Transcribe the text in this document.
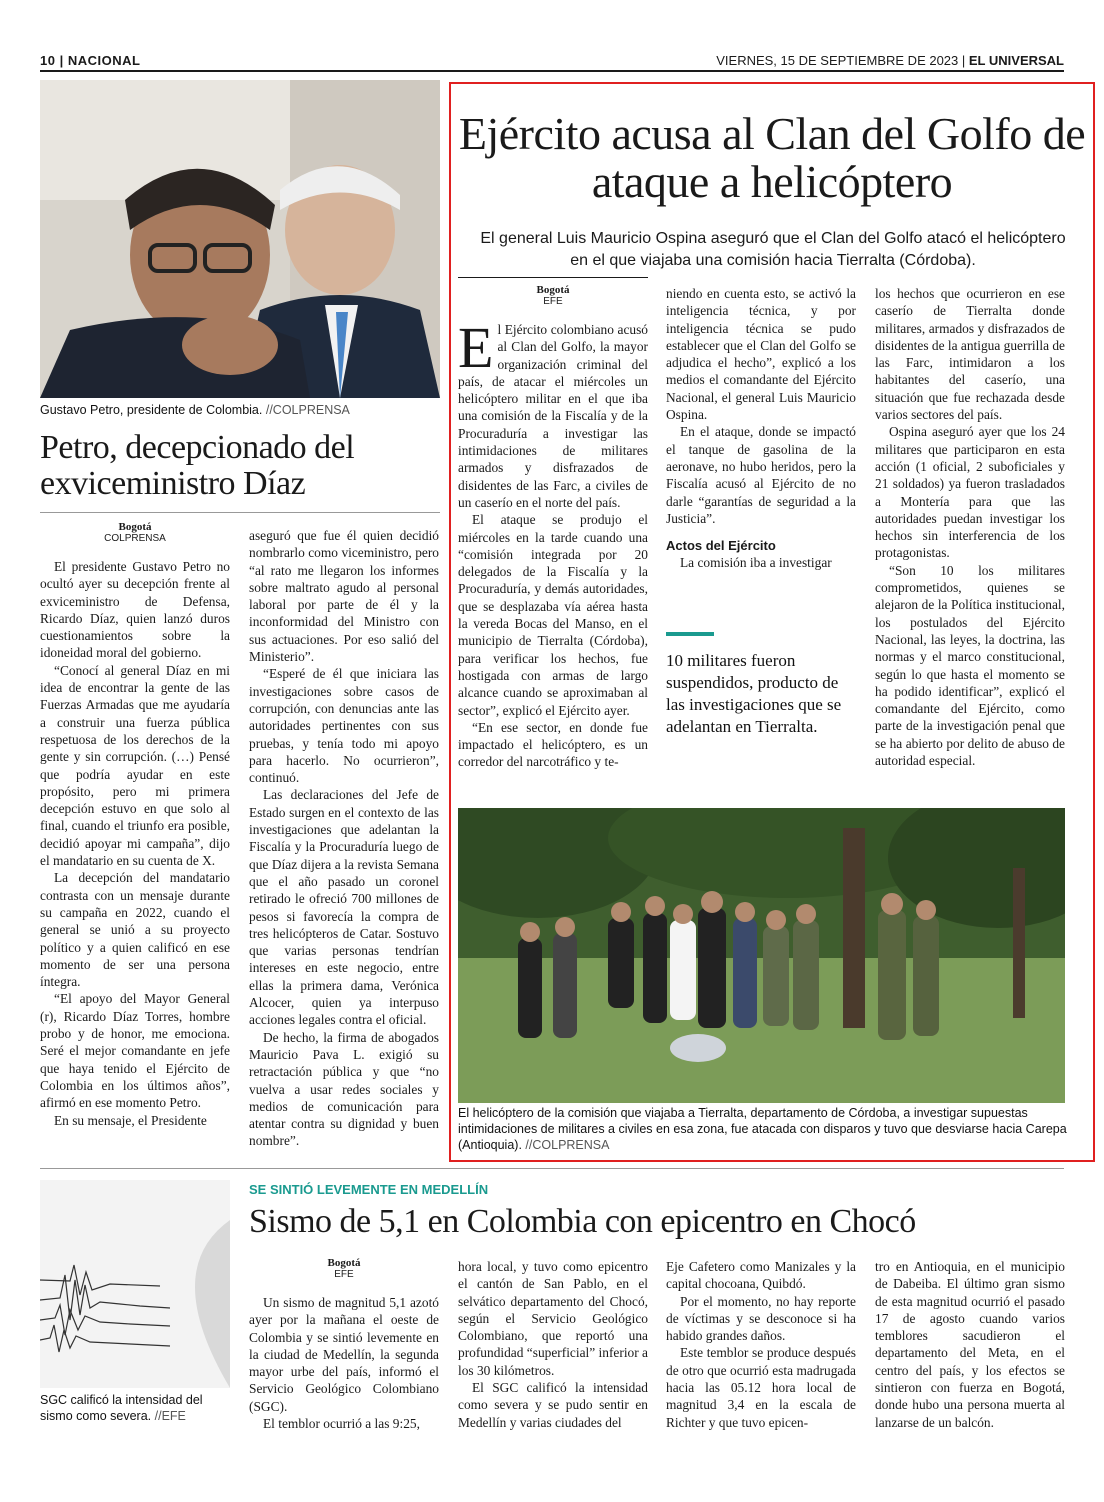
10 | NACIONAL	VIERNES, 15 DE SEPTIEMBRE DE 2023 | EL UNIVERSAL
Gustavo Petro, presidente de Colombia. //COLPRENSA
Petro, decepcionado del exviceministro Díaz
Bogotá
COLPRENSA

El presidente Gustavo Petro no ocultó ayer su decepción frente al exviceministro de Defensa, Ricardo Díaz, quien lanzó duros cuestionamientos sobre la idoneidad moral del gobierno.

“Conocí al general Díaz en mi idea de encontrar la gente de las Fuerzas Armadas que me ayudaría a construir una fuerza pública respetuosa de los derechos de la gente y sin corrupción. (…) Pensé que podría ayudar en este propósito, pero mi primera decepción estuvo en que solo al final, cuando el triunfo era posible, decidió apoyar mi campaña”, dijo el mandatario en su cuenta de X.

La decepción del mandatario contrasta con un mensaje durante su campaña en 2022, cuando el general se unió a su proyecto político y a quien calificó en ese momento de ser una persona íntegra.

“El apoyo del Mayor General (r), Ricardo Díaz Torres, hombre probo y de honor, me emociona. Seré el mejor comandante en jefe que haya tenido el Ejército de Colombia en los últimos años”, afirmó en ese momento Petro.

En su mensaje, el Presidente

aseguró que fue él quien decidió nombrarlo como viceministro, pero “al rato me llegaron los informes sobre maltrato agudo al personal laboral por parte de él y la inconformidad del Ministro con sus actuaciones. Por eso salió del Ministerio”.

“Esperé de él que iniciara las investigaciones sobre casos de corrupción, con denuncias ante las autoridades pertinentes con sus pruebas, y tenía todo mi apoyo para hacerlo. No ocurrieron”, continuó.

Las declaraciones del Jefe de Estado surgen en el contexto de las investigaciones que adelantan la Fiscalía y la Procuraduría luego de que Díaz dijera a la revista Semana que el año pasado un coronel retirado le ofreció 700 millones de pesos si favorecía la compra de tres helicópteros de Catar. Sostuvo que varias personas tendrían intereses en este negocio, entre ellas la primera dama, Verónica Alcocer, quien ya interpuso acciones legales contra el oficial.

De hecho, la firma de abogados Mauricio Pava L. exigió su retractación pública y que “no vuelva a usar redes sociales y medios de comunicación para atentar contra su dignidad y buen nombre”.

Ejército acusa al Clan del Golfo de ataque a helicóptero
El general Luis Mauricio Ospina aseguró que el Clan del Golfo atacó el helicóptero en el que viajaba una comisión hacia Tierralta (Córdoba).
Bogotá
EFE

El Ejército colombiano acusó al Clan del Golfo, la mayor organización criminal del país, de atacar el miércoles un helicóptero militar en el que iba una comisión de la Fiscalía y de la Procuraduría a investigar las intimidaciones de militares armados y disfrazados de disidentes de las Farc, a civiles de un caserío en el norte del país.

El ataque se produjo el miércoles en la tarde cuando una “comisión integrada por 20 delegados de la Fiscalía y la Procuraduría, y demás autoridades, que se desplazaba vía aérea hasta la vereda Bocas del Manso, en el municipio de Tierralta (Córdoba), para verificar los hechos, fue hostigada con armas de largo alcance cuando se aproximaban al sector”, explicó el Ejército ayer.

“En ese sector, en donde fue impactado el helicóptero, es un corredor del narcotráfico y te-

niendo en cuenta esto, se activó la inteligencia técnica, y por inteligencia técnica se pudo establecer que el Clan del Golfo se adjudica el hecho”, explicó a los medios el comandante del Ejército Nacional, el general Luis Mauricio Ospina.

En el ataque, donde se impactó el tanque de gasolina de la aeronave, no hubo heridos, pero la Fiscalía acusó al Ejército de no darle “garantías de seguridad a la Justicia”.

Actos del Ejército

La comisión iba a investigar

10 militares fueron suspendidos, producto de las investigaciones que se adelantan en Tierralta.

los hechos que ocurrieron en ese caserío de Tierralta donde militares, armados y disfrazados de disidentes de la antigua guerrilla de las Farc, intimidaron a los habitantes del caserío, una situación que fue rechazada desde varios sectores del país.

Ospina aseguró ayer que los 24 militares que participaron en esta acción (1 oficial, 2 suboficiales y 21 soldados) ya fueron trasladados a Montería para que las autoridades puedan investigar los hechos sin interferencia de los protagonistas.

“Son 10 los militares comprometidos, quienes se alejaron de la Política institucional, los postulados del Ejército Nacional, las leyes, la doctrina, las normas y el marco constitucional, según lo que hasta el momento se ha podido identificar”, explicó el comandante del Ejército, como parte de la investigación penal que se ha abierto por delito de abuso de autoridad especial.

El helicóptero de la comisión que viajaba a Tierralta, departamento de Córdoba, a investigar supuestas intimidaciones de militares a civiles en esa zona, fue atacada con disparos y tuvo que desviarse hacia Carepa (Antioquia). //COLPRENSA
SGC calificó la intensidad del sismo como severa. //EFE
SE SINTIÓ LEVEMENTE EN MEDELLÍN
Sismo de 5,1 en Colombia con epicentro en Chocó
Bogotá
EFE

Un sismo de magnitud 5,1 azotó ayer por la mañana el oeste de Colombia y se sintió levemente en la ciudad de Medellín, la segunda mayor urbe del país, informó el Servicio Geológico Colombiano (SGC).

El temblor ocurrió a las 9:25,

hora local, y tuvo como epicentro el cantón de San Pablo, en el selvático departamento del Chocó, según el Servicio Geológico Colombiano, que reportó una profundidad “superficial” inferior a los 30 kilómetros.

El SGC calificó la intensidad como severa y se pudo sentir en Medellín y varias ciudades del

Eje Cafetero como Manizales y la capital chocoana, Quibdó.

Por el momento, no hay reporte de víctimas y se desconoce si ha habido grandes daños.

Este temblor se produce después de otro que ocurrió esta madrugada hacia las 05.12 hora local de magnitud 3,4 en la escala de Richter y que tuvo epicen-

tro en Antioquia, en el municipio de Dabeiba. El último gran sismo de esta magnitud ocurrió el pasado 17 de agosto cuando varios temblores sacudieron el departamento del Meta, en el centro del país, y los efectos se sintieron con fuerza en Bogotá, donde hubo una persona muerta al lanzarse de un balcón.
